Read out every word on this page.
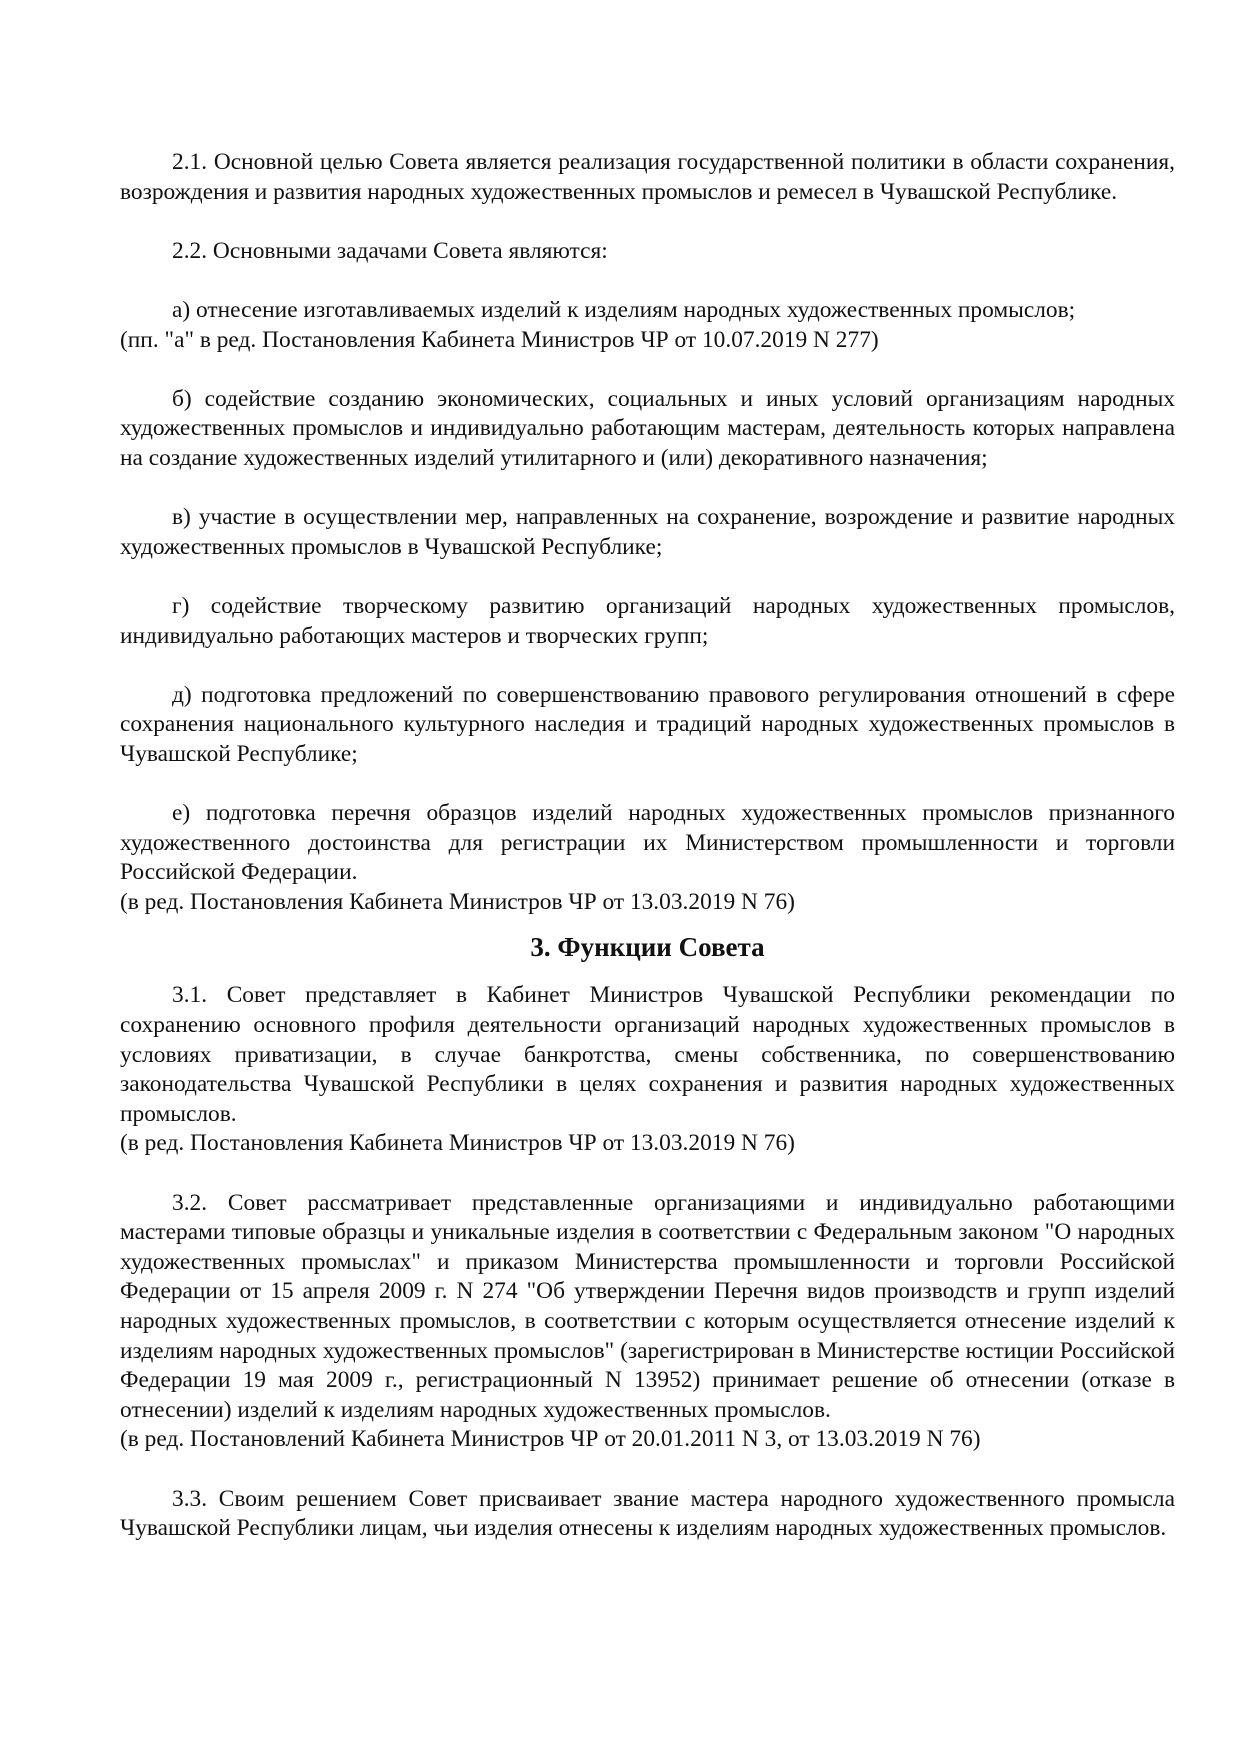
2.1. Основной целью Совета является реализация государственной политики в области сохранения, возрождения и развития народных художественных промыслов и ремесел в Чувашской Республике.

2.2. Основными задачами Совета являются:

а) отнесение изготавливаемых изделий к изделиям народных художественных промыслов;

(пп. "а" в ред. Постановления Кабинета Министров ЧР от 10.07.2019 N 277)

б) содействие созданию экономических, социальных и иных условий организациям народных художественных промыслов и индивидуально работающим мастерам, деятельность которых направлена на создание художественных изделий утилитарного и (или) декоративного назначения;

в) участие в осуществлении мер, направленных на сохранение, возрождение и развитие народных художественных промыслов в Чувашской Республике;

г) содействие творческому развитию организаций народных художественных промыслов, индивидуально работающих мастеров и творческих групп;

д) подготовка предложений по совершенствованию правового регулирования отношений в сфере сохранения национального культурного наследия и традиций народных художественных промыслов в Чувашской Республике;

е) подготовка перечня образцов изделий народных художественных промыслов признанного художественного достоинства для регистрации их Министерством промышленности и торговли Российской Федерации.

(в ред. Постановления Кабинета Министров ЧР от 13.03.2019 N 76)

3. Функции Совета

3.1. Совет представляет в Кабинет Министров Чувашской Республики рекомендации по сохранению основного профиля деятельности организаций народных художественных промыслов в условиях приватизации, в случае банкротства, смены собственника, по совершенствованию законодательства Чувашской Республики в целях сохранения и развития народных художественных промыслов.

(в ред. Постановления Кабинета Министров ЧР от 13.03.2019 N 76)

3.2. Совет рассматривает представленные организациями и индивидуально работающими мастерами типовые образцы и уникальные изделия в соответствии с Федеральным законом "О народных художественных промыслах" и приказом Министерства промышленности и торговли Российской Федерации от 15 апреля 2009 г. N 274 "Об утверждении Перечня видов производств и групп изделий народных художественных промыслов, в соответствии с которым осуществляется отнесение изделий к изделиям народных художественных промыслов" (зарегистрирован в Министерстве юстиции Российской Федерации 19 мая 2009 г., регистрационный N 13952) принимает решение об отнесении (отказе в отнесении) изделий к изделиям народных художественных промыслов.

(в ред. Постановлений Кабинета Министров ЧР от 20.01.2011 N 3, от 13.03.2019 N 76)

3.3. Своим решением Совет присваивает звание мастера народного художественного промысла Чувашской Республики лицам, чьи изделия отнесены к изделиям народных художественных промыслов.
